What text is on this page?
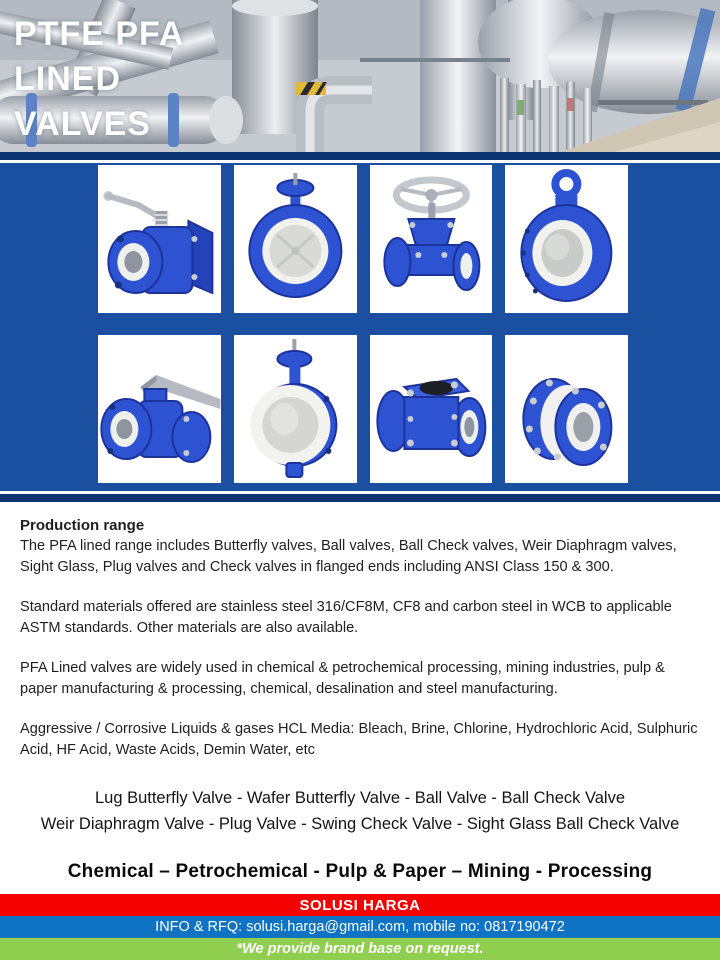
PTFE PFA
LINED
VALVES
Production range

The PFA lined range includes Butterfly valves, Ball valves, Ball Check valves, Weir Diaphragm valves, Sight Glass, Plug valves and Check valves in flanged ends including ANSI Class 150 & 300.

Standard materials offered are stainless steel 316/CF8M, CF8 and carbon steel in WCB to applicable ASTM standards. Other materials are also available.

PFA Lined valves are widely used in chemical & petrochemical processing, mining industries, pulp & paper manufacturing & processing, chemical, desalination and steel manufacturing.

Aggressive / Corrosive Liquids & gases HCL Media: Bleach, Brine, Chlorine, Hydrochloric Acid, Sulphuric Acid, HF Acid, Waste Acids, Demin Water, etc

Lug Butterfly Valve - Wafer Butterfly Valve - Ball Valve - Ball Check Valve
Weir Diaphragm Valve - Plug Valve - Swing Check Valve - Sight Glass Ball Check Valve
Chemical – Petrochemical - Pulp & Paper – Mining - Processing
SOLUSI HARGA
INFO & RFQ: solusi.harga@gmail.com, mobile no: 0817190472
*We provide brand base on request.
